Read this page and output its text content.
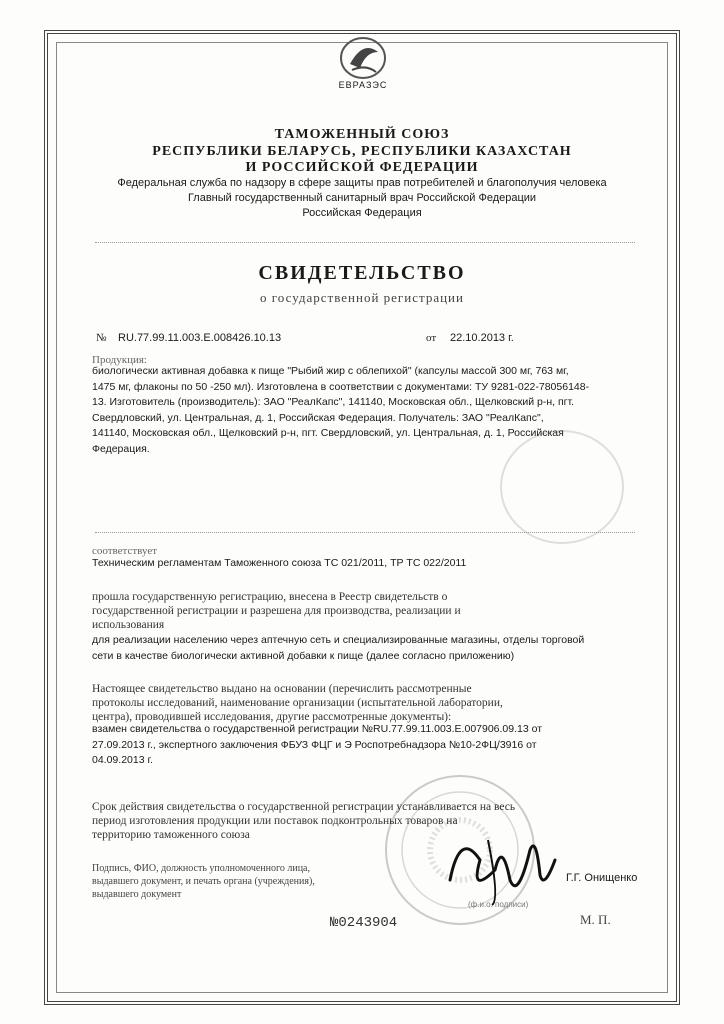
ЕВРАЗЭС
ТАМОЖЕННЫЙ СОЮЗ
РЕСПУБЛИКИ БЕЛАРУСЬ, РЕСПУБЛИКИ КАЗАХСТАН
И РОССИЙСКОЙ ФЕДЕРАЦИИ
Федеральная служба по надзору в сфере защиты прав потребителей и благополучия человека
Главный государственный санитарный врач Российской Федерации
Российская Федерация
СВИДЕТЕЛЬСТВО
о государственной регистрации
№ RU.77.99.11.003.E.008426.10.13	от 22.10.2013 г.
Продукция:
биологически активная добавка к пище "Рыбий жир с облепихой" (капсулы массой 300 мг, 763 мг,
1475 мг, флаконы по 50 -250 мл). Изготовлена в соответствии с документами: ТУ 9281-022-78056148-
13. Изготовитель (производитель): ЗАО "РеалКапс", 141140, Московская обл., Щелковский р-н, пгт.
Свердловский, ул. Центральная, д. 1, Российская Федерация. Получатель: ЗАО "РеалКапс",
141140, Московская обл., Щелковский р-н, пгт. Свердловский, ул. Центральная, д. 1, Российская
Федерация.
соответствует
Техническим регламентам Таможенного союза ТС 021/2011, ТР ТС 022/2011
прошла государственную регистрацию, внесена в Реестр свидетельств о
государственной регистрации и разрешена для производства, реализации и
использования
для реализации населению через аптечную сеть и специализированные магазины, отделы торговой
сети в качестве биологически активной добавки к пище (далее согласно приложению)
Настоящее свидетельство выдано на основании (перечислить рассмотренные
протоколы исследований, наименование организации (испытательной лаборатории,
центра), проводившей исследования, другие рассмотренные документы):
взамен свидетельства о государственной регистрации №RU.77.99.11.003.E.007906.09.13 от
27.09.2013 г., экспертного заключения ФБУЗ ФЦГ и Э Роспотребнадзора №10-2ФЦ/3916 от
04.09.2013 г.
Срок действия свидетельства о государственной регистрации устанавливается на весь
период изготовления продукции или поставок подконтрольных товаров на
территорию таможенного союза
Подпись, ФИО, должность уполномоченного лица,
выдавшего документ, и печать органа (учреждения),
выдавшего документ
Г.Г. Онищенко
(ф.и.о. подписи)
№0243904	М. П.
